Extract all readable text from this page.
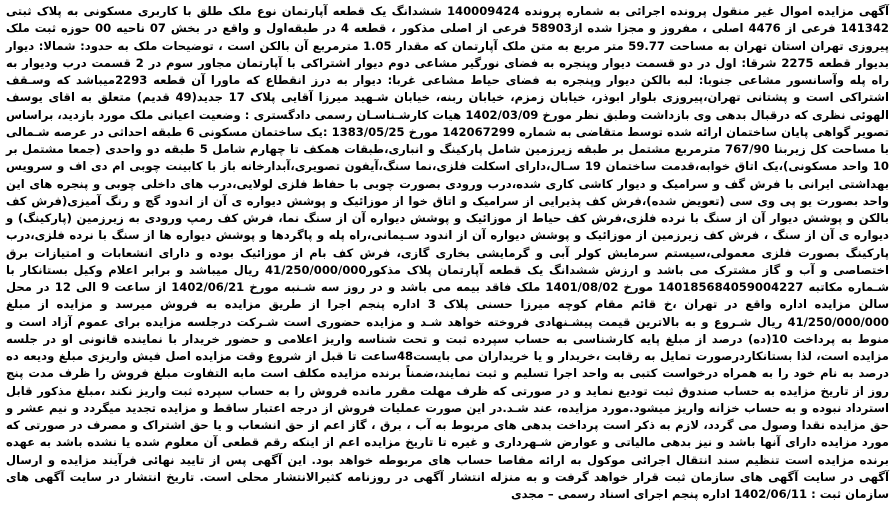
آگهی مزایده اموال غیر منقول پرونده اجرائی به شماره پرونده 140009424 ششدانگ یک قطعه آپارتمان نوع ملک طلق با کاربری مسکونی به پلاک ثبتی 141342 فرعی از 4476 اصلی ، مفروز و مجزا شده از58903 فرعی از اصلی مذکور ، قطعه 4 در طبقه‌اول و واقع در بخش 07 ناحیه 00 حوزه ثبت ملک پیروزی تهران استان تهران به مساحت 59.77 متر مربع به متن ملک آپارتمان که مقدار 1.05 مترمربع آن بالکن است ، توضیحات ملک به حدود: شمالا: دیوار بدیوار قطعه 2275 شرقا: اول در دو قسمت دیوار وپنجره به فضای نورگیر مشاعی دوم دیوار اشتراکی با آپارتمان مجاور سوم در 2 قسمت درب ودیوار به راه پله وآسانسور مشاعی جنوبا: لبه بالکن دیوار وپنجره به فضای حیاط مشاعی غربا: دیوار به درز انقطاع که ماورا آن قطعه 2293میباشد که وسـقف اشتراکی است و پشتانی تهران،پیروزی بلوار ابوذر، خیابان زمزم، خیابان ربنه، خیابان شـهید میرزا آقایی پلاک 17 جدید(49 قدیم) متعلق به اقای یوسف الهوئی نظری که درقبال بدهی وی بازداشت وطبق نظر مورخ 1402/03/09 هیات کارشـناسـان رسمی دادگستری : وضعیت اعیانی ملک مورد بازدید، براساس تصویر گواهی پایان ساختمان ارائه شده توسط متقاضی به شماره 142067299 مورخ 1383/05/25 :یک ساختمان مسکونی 6 طبقه احداثی در عرصه شـمالی با مساحت کل زیربنا 767/90 مترمربع مشتمل بر طبقه زیرزمین شامل پارکینگ و انباری،طبقات همکف تا چهارم شامل 5 طبقه دو واحدی (جمعا مشتمل بر 10 واحد مسکونی)،یک اتاق خوابه،قدمت ساختمان 19 سـال،دارای اسکلت فلزی،نما سنگ،آیفون تصویری،آبدارخانه باز با کابینت چوبی ام دی اف و سرویس بهداشتی ایرانی با فرش گف و سرامیک و دیوار کاشی کاری شده،درب ورودی بصورت چوبی با حفاظ فلزی لولایی،درب های داخلی چوبی و پنجره های این واحد بصورت یو پی وی سی (تعویض شده)،فرش کف پذیرایی از سرامیک و اتاق خوا از موزائیک و پوشش دیواره ی آن از اندود گچ و رنگ آمیزی(فرش کف بالکن و پوشش دیوار آن از سنگ با نرده فلزی،فرش کف حیاط از موزائیک و پوشش دیواره آن از سنگ نما، فرش کف رمپ ورودی به زیرزمین (پارکینگ) و دیواره ی آن از سنگ ، فرش کف زیرزمین از موزائیک و پوشش دیواره آن از اندود سـیمانی،راه پله و پاگردها و پوشش دیواره ها از سنگ با نرده فلزی،درب پارکینگ بصورت فلزی معمولی،سیستم سرمایش کولر آبی و گرمایشی بخاری گازی، فرش کف بام از موزائیک بوده و دارای انشعابات و امتیازات برق اختصاصی و آب و گاز مشترک می باشد و ارزش ششدانگ یک قطعه آپارتمان پلاک مذکور41/250/000/000 ریال میباشد و برابر اعلام وکیل بستانکار با شـماره مکاتبه 140185684059004227 مورخ 1401/08/02 ملک فاقد بیمه می باشد و در روز سه شـنبه مورخ 1402/06/21 از ساعت 9 الی 12 در محل سالن مزایده اداره واقع در تهران ،خ قائم مقام کوچه میرزا حسنی پلاک 3 اداره پنجم اجرا از طریق مزایده به فروش میرسد و مزایده از مبلغ 41/250/000/000 ریال شـروع و به بالاترین قیمت پیشـنهادی فروخته خواهد شـد و مزایده حضوری است شـرکت درجلسه مزایده برای عموم آزاد است و منوط به پرداخت 10(ده) درصد از مبلغ پایه کارشناسی به حساب سپرده ثبت و تحت شناسه واریز اعلامی و حضور خریدار با نماینده قانونی او در جلسه مزایده است، لذا بستانکاردرصورت تمایل به رقابت ،خریدار و یا خریداران می بایست48ساعت تا قبل از شروع وقت مزایده اصل فیش واریزی مبلغ ودیعه ده درصد به نام خود را به همراه درخواست کتبی به واحد اجرا تسلیم و ثبت نمایند،ضمناً برنده مزایده مکلف است مابه التفاوت مبلغ فروش را ظرف مدت پنج روز از تاریخ مزایده به حساب صندوق ثبت تودیع نماید و در صورتی که ظرف مهلت مقرر مانده فروش را به حساب سپرده ثبت واریز نکند ،مبلغ مذکور قابل استرداد نبوده و به حساب خزانه واریز میشود.مورد مزایده، عند شـد.در این صورت عملیات فروش از درجه اعتبار ساقط و مزایده تجدید میگردد و نیم عشر و حق مزایده نقدا وصول می گردد، لازم به ذکر است پرداخت بدهی های مربوط به آب ، برق ، گاز اعم از حق انشعاب و یا حق اشتراک و مصرف در صورتی که مورد مزایده دارای آنها باشد و نیز بدهی مالیاتی و عوارض شـهرداری و غیره تا تاریخ مزایده اعم از اینکه رقم قطعی آن معلوم شده یا نشده باشد به عهده برنده مزایده است تنظیم سند انتقال اجرائی موکول به ارائه مفاصا حساب های مربوطه خواهد بود. این آگهی پس از تایید نهائی فرآیند مزایده و ارسال آگهی در سایت آگهی های سازمان ثبت قرار خواهد گرفت و به منزله انتشار آگهی در روزنامه کثیرالانتشار محلی است. تاریخ انتشار در سایت آگهی های سازمان ثبت : 1402/06/11 اداره پنجم اجرای اسناد رسمی – مجدی
